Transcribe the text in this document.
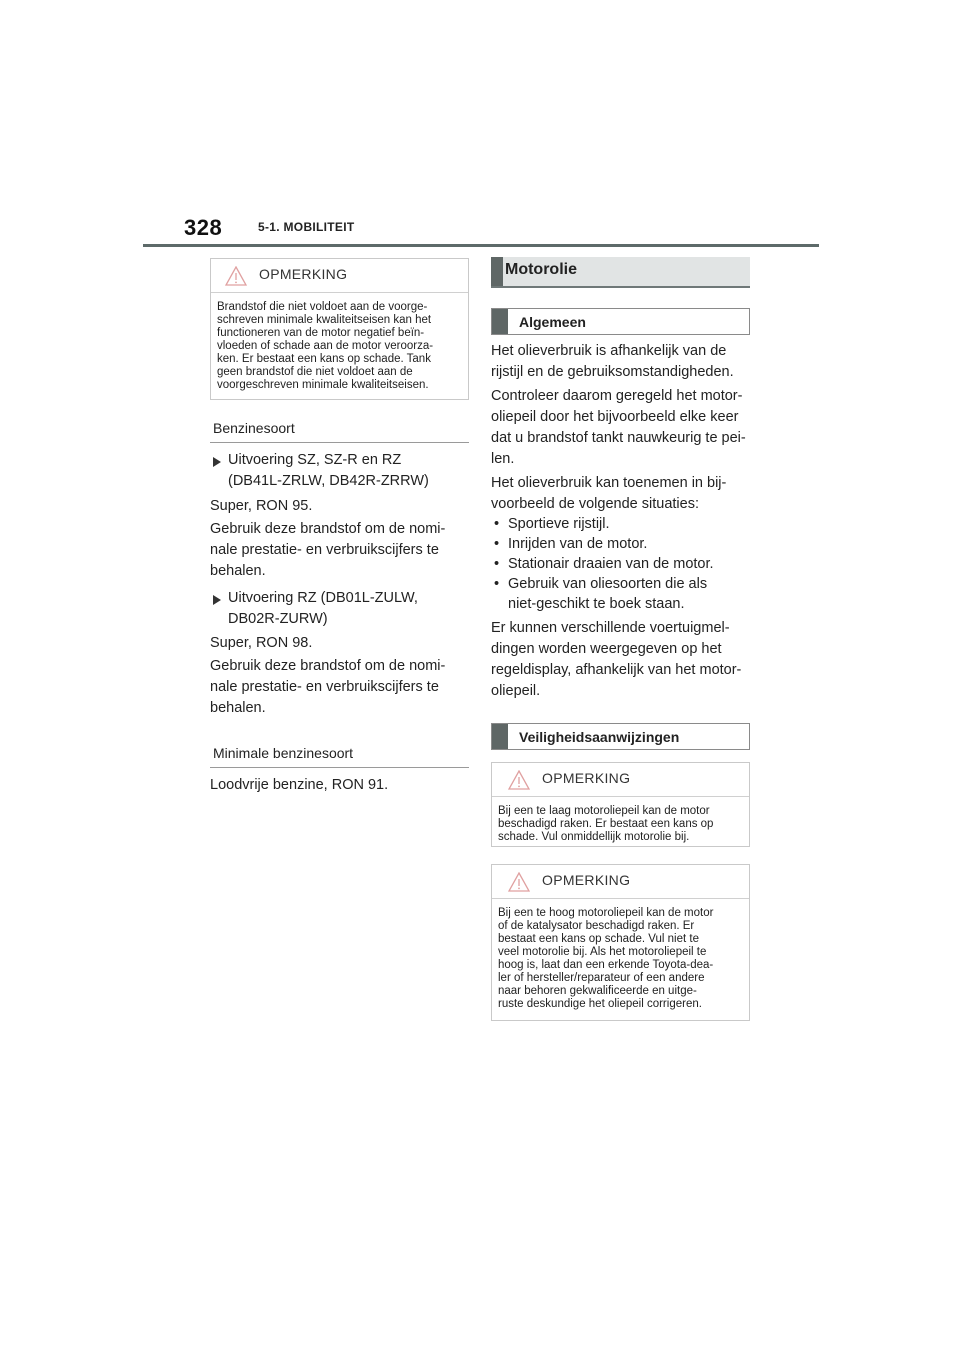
328	5-1. MOBILITEIT
OPMERKING
Brandstof die niet voldoet aan de voorge-
schreven minimale kwaliteitseisen kan het
functioneren van de motor negatief beïn-
vloeden of schade aan de motor veroorza-
ken. Er bestaat een kans op schade. Tank
geen brandstof die niet voldoet aan de
voorgeschreven minimale kwaliteitseisen.
Benzinesoort
Uitvoering SZ, SZ-R en RZ
(DB41L-ZRLW, DB42R-ZRRW)
Super, RON 95.
Gebruik deze brandstof om de nomi-
nale prestatie- en verbruikscijfers te
behalen.
Uitvoering RZ (DB01L-ZULW,
DB02R-ZURW)
Super, RON 98.
Gebruik deze brandstof om de nomi-
nale prestatie- en verbruikscijfers te
behalen.
Minimale benzinesoort
Loodvrije benzine, RON 91.
Motorolie
Algemeen
Het olieverbruik is afhankelijk van de
rijstijl en de gebruiksomstandigheden.
Controleer daarom geregeld het motor-
oliepeil door het bijvoorbeeld elke keer
dat u brandstof tankt nauwkeurig te pei-
len.
Het olieverbruik kan toenemen in bij-
voorbeeld de volgende situaties:
• Sportieve rijstijl.
• Inrijden van de motor.
• Stationair draaien van de motor.
• Gebruik van oliesoorten die als
niet-geschikt te boek staan.
Er kunnen verschillende voertuigmel-
dingen worden weergegeven op het
regeldisplay, afhankelijk van het motor-
oliepeil.
Veiligheidsaanwijzingen
OPMERKING
Bij een te laag motoroliepeil kan de motor
beschadigd raken. Er bestaat een kans op
schade. Vul onmiddellijk motorolie bij.
OPMERKING
Bij een te hoog motoroliepeil kan de motor
of de katalysator beschadigd raken. Er
bestaat een kans op schade. Vul niet te
veel motorolie bij. Als het motoroliepeil te
hoog is, laat dan een erkende Toyota-dea-
ler of hersteller/reparateur of een andere
naar behoren gekwalificeerde en uitge-
ruste deskundige het oliepeil corrigeren.
